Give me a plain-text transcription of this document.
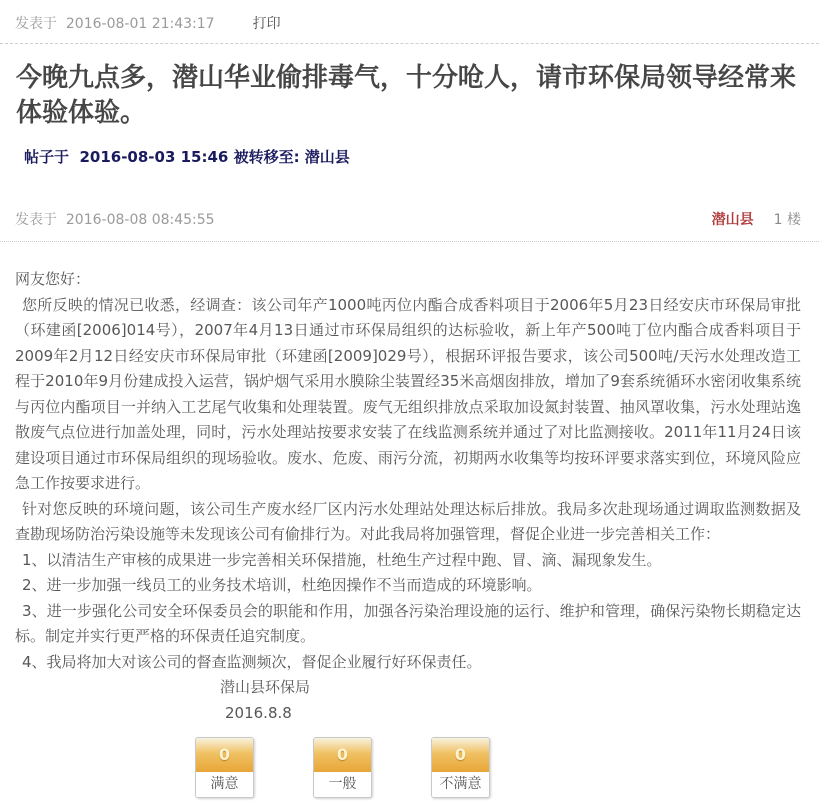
发表于  2016-08-01 21:43:17	打印
今晚九点多，潜山华业偷排毒气，十分呛人，请市环保局领导经常来体验体验。
帖子于  2016-08-03 15:46 被转移至: 潜山县
发表于  2016-08-08 08:45:55	潜山县 1 楼
网友您好：
您所反映的情况已收悉，经调查：该公司年产1000吨丙位内酯合成香料项目于2006年5月23日经安庆市环保局审批（环建函[2006]014号），2007年4月13日通过市环保局组织的达标验收，新上年产500吨丁位内酯合成香料项目于2009年2月12日经安庆市环保局审批（环建函[2009]029号），根据环评报告要求，该公司500吨/天污水处理改造工程于2010年9月份建成投入运营，锅炉烟气采用水膜除尘装置经35米高烟囱排放，增加了9套系统循环水密闭收集系统与丙位内酯项目一并纳入工艺尾气收集和处理装置。废气无组织排放点采取加设氮封装置、抽风罩收集，污水处理站逸散废气点位进行加盖处理，同时，污水处理站按要求安装了在线监测系统并通过了对比监测接收。2011年11月24日该建设项目通过市环保局组织的现场验收。废水、危废、雨污分流，初期两水收集等均按环评要求落实到位，环境风险应急工作按要求进行。
针对您反映的环境问题，该公司生产废水经厂区内污水处理站处理达标后排放。我局多次赴现场通过调取监测数据及查勘现场防治污染设施等未发现该公司有偷排行为。对此我局将加强管理，督促企业进一步完善相关工作：
1、以清洁生产审核的成果进一步完善相关环保措施，杜绝生产过程中跑、冒、滴、漏现象发生。
2、进一步加强一线员工的业务技术培训，杜绝因操作不当而造成的环境影响。
3、进一步强化公司安全环保委员会的职能和作用，加强各污染治理设施的运行、维护和管理，确保污染物长期稳定达标。制定并实行更严格的环保责任追究制度。
4、我局将加大对该公司的督查监测频次，督促企业履行好环保责任。
潜山县环保局
2016.8.8
0
满意
0
一般
0
不满意
